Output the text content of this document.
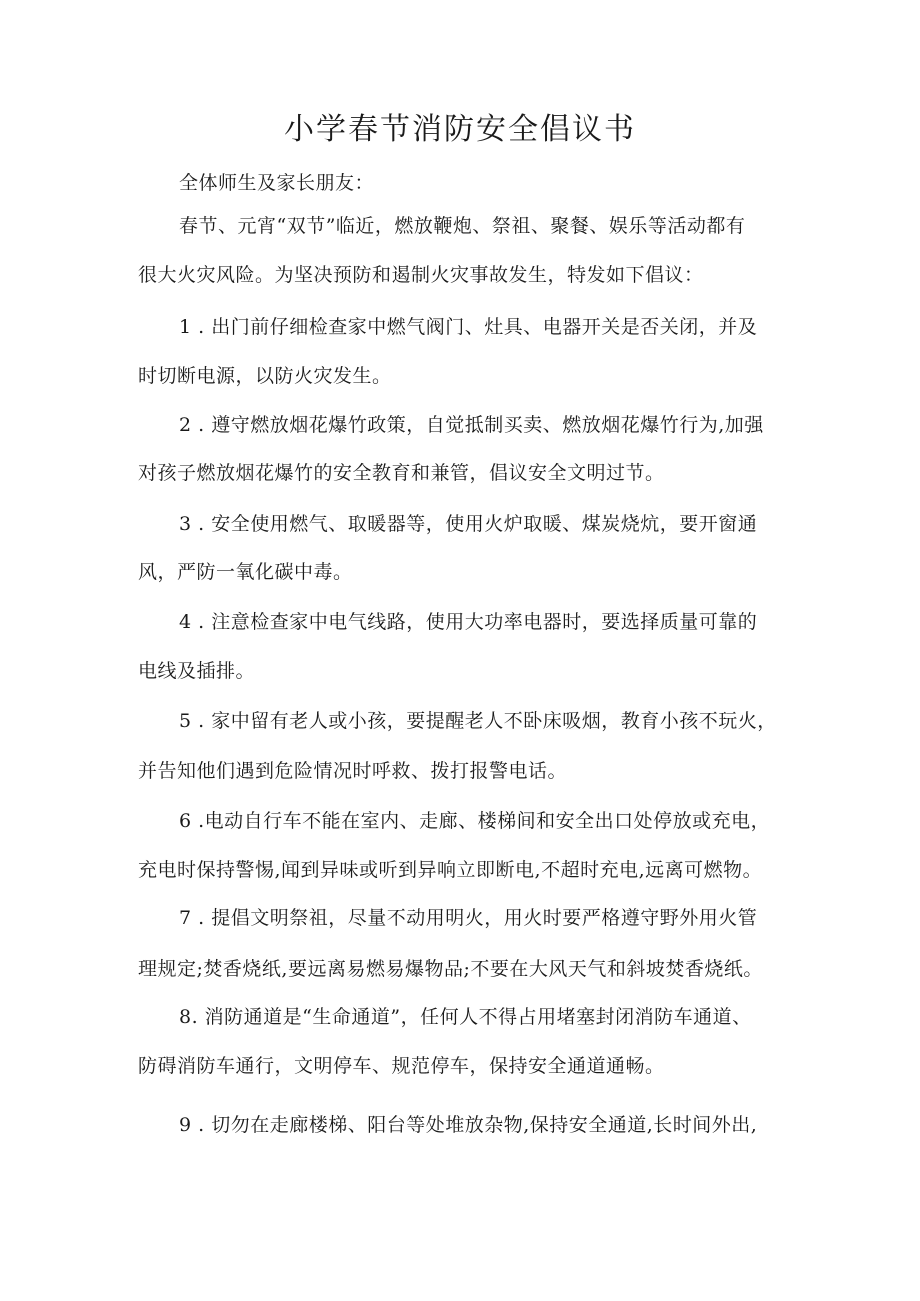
小学春节消防安全倡议书
全体师生及家长朋友：
春节、元宵“双节”临近，燃放鞭炮、祭祖、聚餐、娱乐等活动都有
很大火灾风险。为坚决预防和遏制火灾事故发生，特发如下倡议：
1 . 出门前仔细检查家中燃气阀门、灶具、电器开关是否关闭，并及
时切断电源，以防火灾发生。
2 . 遵守燃放烟花爆竹政策，自觉抵制买卖、燃放烟花爆竹行为,加强
对孩子燃放烟花爆竹的安全教育和兼管，倡议安全文明过节。
3 . 安全使用燃气、取暖器等，使用火炉取暖、煤炭烧炕，要开窗通
风，严防一氧化碳中毒。
4 . 注意检查家中电气线路，使用大功率电器时，要选择质量可靠的
电线及插排。
5 . 家中留有老人或小孩，要提醒老人不卧床吸烟，教育小孩不玩火，
并告知他们遇到危险情况时呼救、拨打报警电话。
6 .电动自行车不能在室内、走廊、楼梯间和安全出口处停放或充电，
充电时保持警惕,闻到异味或听到异响立即断电,不超时充电,远离可燃物。
7 . 提倡文明祭祖，尽量不动用明火，用火时要严格遵守野外用火管
理规定;焚香烧纸,要远离易燃易爆物品;不要在大风天气和斜坡焚香烧纸。
8. 消防通道是“生命通道”，任何人不得占用堵塞封闭消防车通道、
防碍消防车通行，文明停车、规范停车，保持安全通道通畅。
9 . 切勿在走廊楼梯、阳台等处堆放杂物,保持安全通道,长时间外出,
